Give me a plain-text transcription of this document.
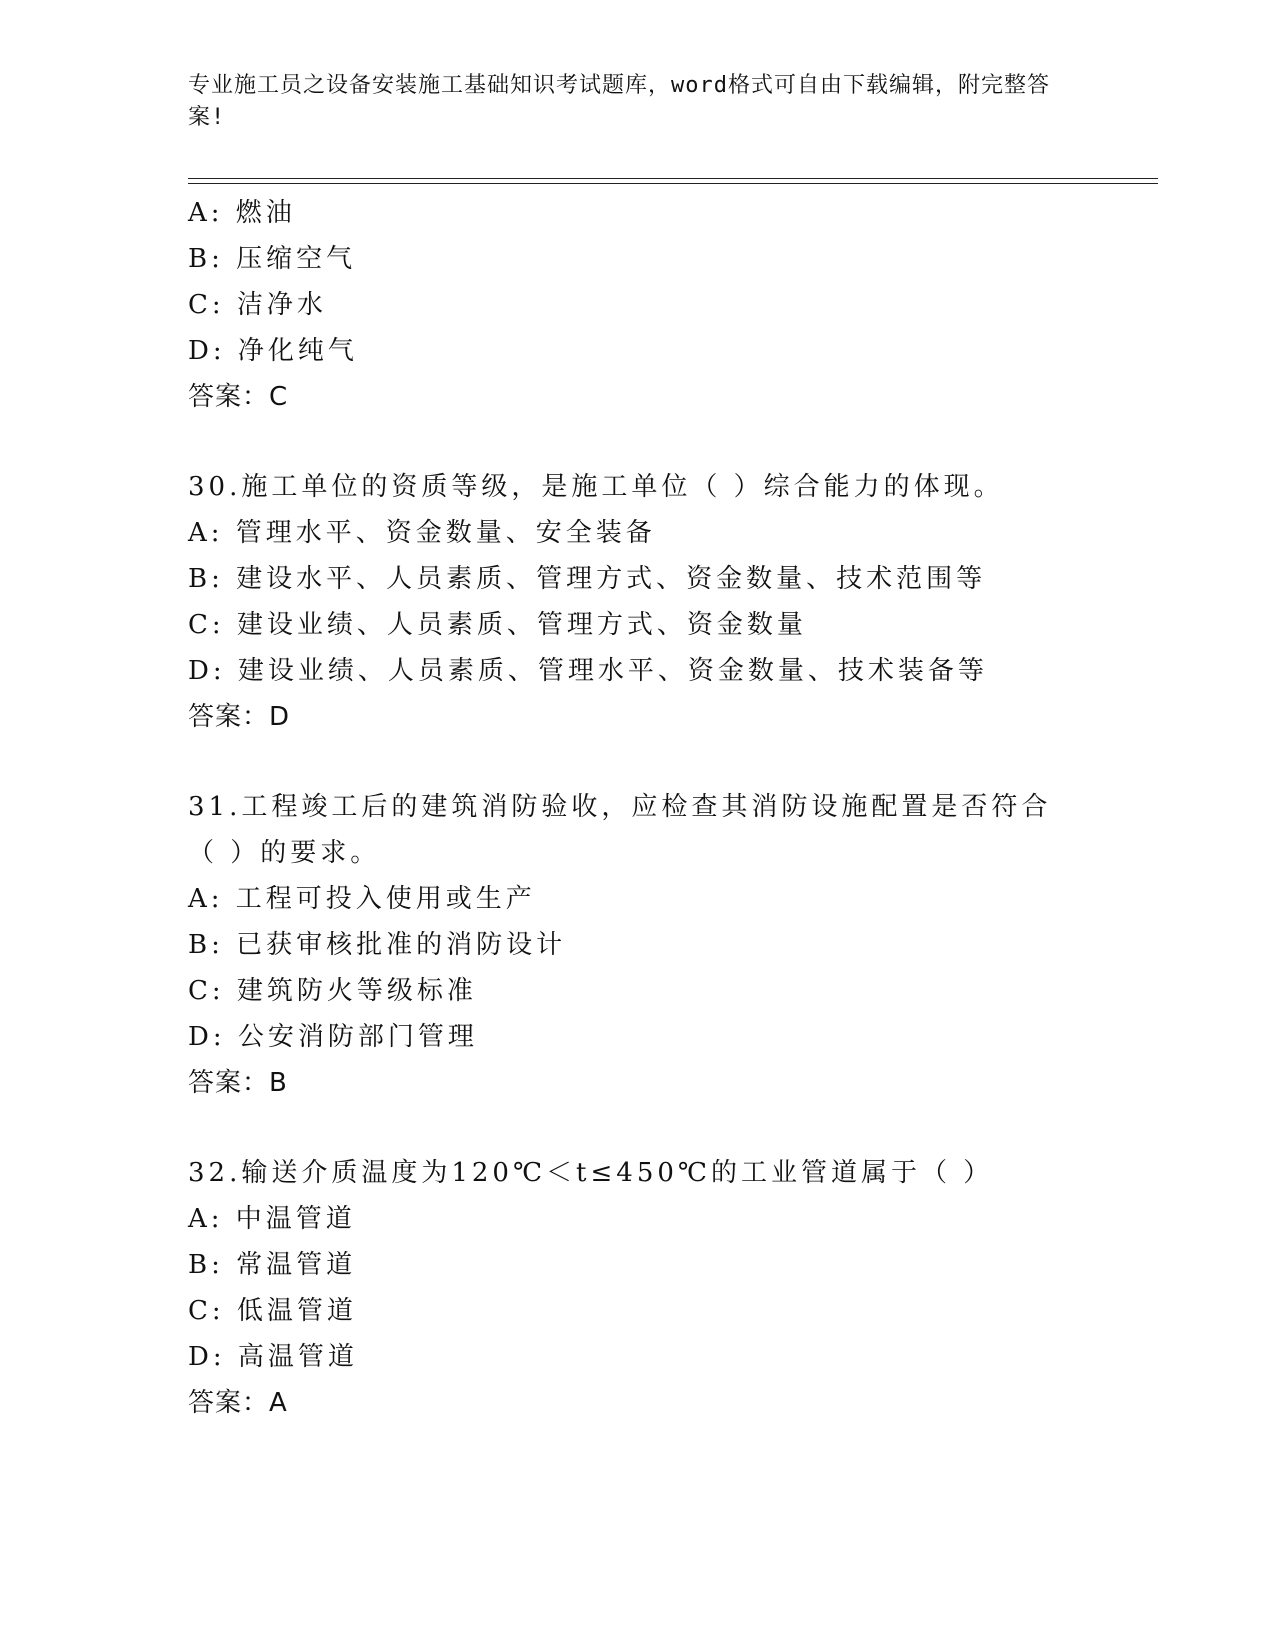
专业施工员之设备安装施工基础知识考试题库，word格式可自由下载编辑，附完整答案!
A: 燃油
B: 压缩空气
C: 洁净水
D: 净化纯气
答案：C
30.施工单位的资质等级，是施工单位（ ）综合能力的体现。
A: 管理水平、资金数量、安全装备
B: 建设水平、人员素质、管理方式、资金数量、技术范围等
C: 建设业绩、人员素质、管理方式、资金数量
D: 建设业绩、人员素质、管理水平、资金数量、技术装备等
答案：D
31.工程竣工后的建筑消防验收，应检查其消防设施配置是否符合（ ）的要求。
A: 工程可投入使用或生产
B: 已获审核批准的消防设计
C: 建筑防火等级标准
D: 公安消防部门管理
答案：B
32.输送介质温度为120℃＜t≤450℃的工业管道属于（ ）
A: 中温管道
B: 常温管道
C: 低温管道
D: 高温管道
答案：A
